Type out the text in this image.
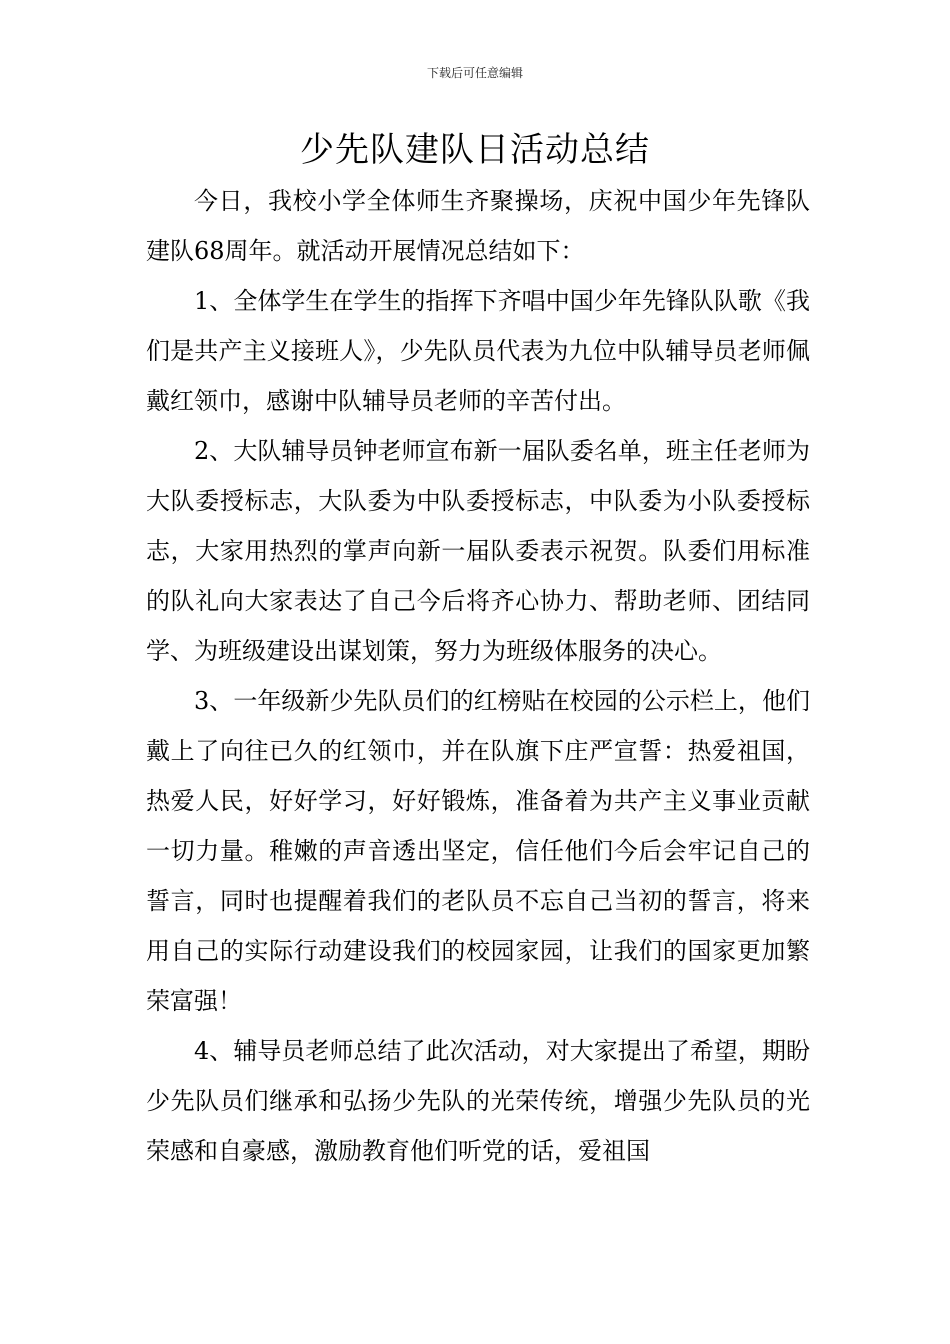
下载后可任意编辑
少先队建队日活动总结

今日，我校小学全体师生齐聚操场，庆祝中国少年先锋队建队68周年。就活动开展情况总结如下：

1、全体学生在学生的指挥下齐唱中国少年先锋队队歌《我们是共产主义接班人》，少先队员代表为九位中队辅导员老师佩戴红领巾，感谢中队辅导员老师的辛苦付出。

2、大队辅导员钟老师宣布新一届队委名单，班主任老师为大队委授标志，大队委为中队委授标志，中队委为小队委授标志，大家用热烈的掌声向新一届队委表示祝贺。队委们用标准的队礼向大家表达了自己今后将齐心协力、帮助老师、团结同学、为班级建设出谋划策，努力为班级体服务的决心。

3、一年级新少先队员们的红榜贴在校园的公示栏上，他们戴上了向往已久的红领巾，并在队旗下庄严宣誓：热爱祖国，热爱人民，好好学习，好好锻炼，准备着为共产主义事业贡献一切力量。稚嫩的声音透出坚定，信任他们今后会牢记自己的誓言，同时也提醒着我们的老队员不忘自己当初的誓言，将来用自己的实际行动建设我们的校园家园，让我们的国家更加繁荣富强！

4、辅导员老师总结了此次活动，对大家提出了希望，期盼少先队员们继承和弘扬少先队的光荣传统，增强少先队员的光荣感和自豪感，激励教育他们听党的话，爱祖国
